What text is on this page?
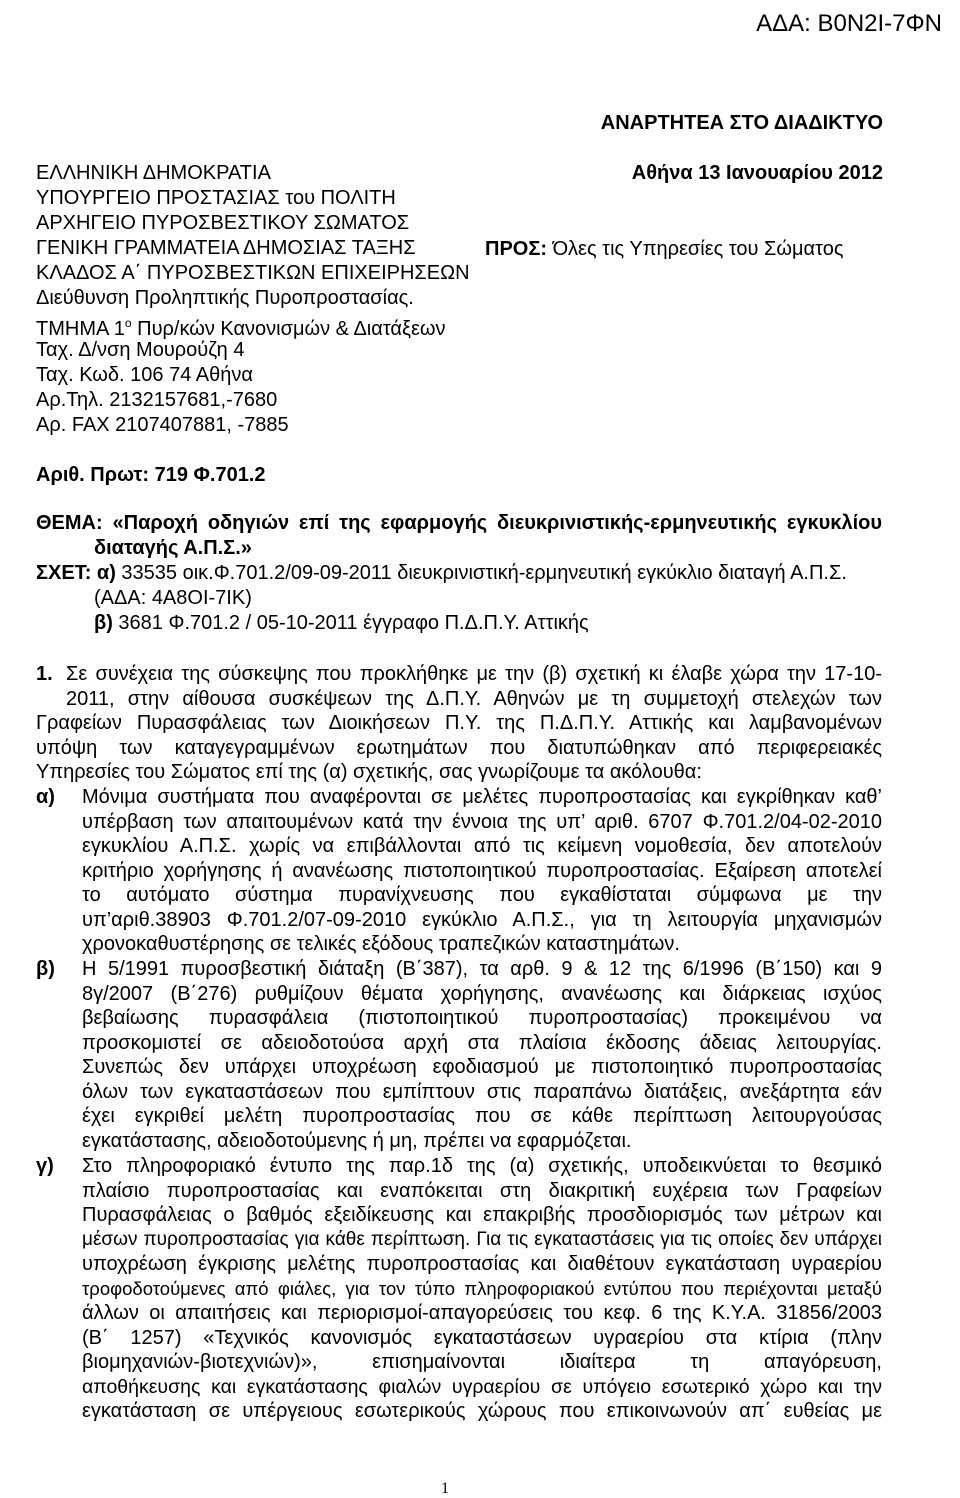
ΑΔΑ: Β0Ν2Ι-7ΦΝ
ΑΝΑΡΤΗΤΕΑ ΣΤΟ ΔΙΑΔΙΚΤΥΟ
Αθήνα 13 Ιανουαρίου 2012
ΠΡΟΣ: Όλες τις Υπηρεσίες του Σώματος
ΕΛΛΗΝΙΚΗ ΔΗΜΟΚΡΑΤΙΑ
ΥΠΟΥΡΓΕΙΟ ΠΡΟΣΤΑΣΙΑΣ του ΠΟΛΙΤΗ
ΑΡΧΗΓΕΙΟ ΠΥΡΟΣΒΕΣΤΙΚΟΥ ΣΩΜΑΤΟΣ
ΓΕΝΙΚΗ ΓΡΑΜΜΑΤΕΙΑ ΔΗΜΟΣΙΑΣ ΤΑΞΗΣ
ΚΛΑΔΟΣ Α΄ ΠΥΡΟΣΒΕΣΤΙΚΩΝ ΕΠΙΧΕΙΡΗΣΕΩΝ
Διεύθυνση Προληπτικής Πυροπροστασίας.
ΤΜΗΜΑ $1^o$ Πυρ/κών Κανονισμών & Διατάξεων
Ταχ. Δ/νση Μουρούζη 4
Ταχ. Κωδ. 106 74 Αθήνα
Αρ.Τηλ. 2132157681,-7680
Αρ. FAX 2107407881, -7885
Αριθ. Πρωτ: 719 Φ.701.2
ΘΕΜΑ: «Παροχή οδηγιών επί της εφαρμογής διευκρινιστικής-ερμηνευτικής εγκυκλίου
διαταγής Α.Π.Σ.»
ΣΧΕΤ: α) 33535 οικ.Φ.701.2/09-09-2011 διευκρινιστική-ερμηνευτική εγκύκλιο διαταγή Α.Π.Σ.
(ΑΔΑ: 4Α8ΟΙ-7ΙΚ)
β) 3681 Φ.701.2 / 05-10-2011 έγγραφο Π.Δ.Π.Υ. Αττικής
1. Σε συνέχεια της σύσκεψης που προκλήθηκε με την (β) σχετική κι έλαβε χώρα την 17-10-
2011, στην αίθουσα συσκέψεων της Δ.Π.Υ. Αθηνών με τη συμμετοχή στελεχών των
Γραφείων Πυρασφάλειας των Διοικήσεων Π.Υ. της Π.Δ.Π.Υ. Αττικής και λαμβανομένων
υπόψη των καταγεγραμμένων ερωτημάτων που διατυπώθηκαν από περιφερειακές
Υπηρεσίες του Σώματος επί της (α) σχετικής, σας γνωρίζουμε τα ακόλουθα:
α) Μόνιμα συστήματα που αναφέρονται σε μελέτες πυροπροστασίας και εγκρίθηκαν καθ’
υπέρβαση των απαιτουμένων κατά την έννοια της υπ’ αριθ. 6707 Φ.701.2/04-02-2010
εγκυκλίου Α.Π.Σ. χωρίς να επιβάλλονται από τις κείμενη νομοθεσία, δεν αποτελούν
κριτήριο χορήγησης ή ανανέωσης πιστοποιητικού πυροπροστασίας. Εξαίρεση αποτελεί
το αυτόματο σύστημα πυρανίχνευσης που εγκαθίσταται σύμφωνα με την
υπ’αριθ.38903 Φ.701.2/07-09-2010 εγκύκλιο Α.Π.Σ., για τη λειτουργία μηχανισμών
χρονοκαθυστέρησης σε τελικές εξόδους τραπεζικών καταστημάτων.
β) Η 5/1991 πυροσβεστική διάταξη (Β΄387), τα αρθ. 9 & 12 της 6/1996 (Β΄150) και 9
8γ/2007 (Β΄276) ρυθμίζουν θέματα χορήγησης, ανανέωσης και διάρκειας ισχύος
βεβαίωσης πυρασφάλεια (πιστοποιητικού πυροπροστασίας) προκειμένου να
προσκομιστεί σε αδειοδοτούσα αρχή στα πλαίσια έκδοσης άδειας λειτουργίας.
Συνεπώς δεν υπάρχει υποχρέωση εφοδιασμού με πιστοποιητικό πυροπροστασίας
όλων των εγκαταστάσεων που εμπίπτουν στις παραπάνω διατάξεις, ανεξάρτητα εάν
έχει εγκριθεί μελέτη πυροπροστασίας που σε κάθε περίπτωση λειτουργούσας
εγκατάστασης, αδειοδοτούμενης ή μη, πρέπει να εφαρμόζεται.
γ) Στο πληροφοριακό έντυπο της παρ.1δ της (α) σχετικής, υποδεικνύεται το θεσμικό
πλαίσιο πυροπροστασίας και εναπόκειται στη διακριτική ευχέρεια των Γραφείων
Πυρασφάλειας ο βαθμός εξειδίκευσης και επακριβής προσδιορισμός των μέτρων και
μέσων πυροπροστασίας για κάθε περίπτωση. Για τις εγκαταστάσεις για τις οποίες δεν υπάρχει
υποχρέωση έγκρισης μελέτης πυροπροστασίας και διαθέτουν εγκατάσταση υγραερίου
τροφοδοτούμενες από φιάλες, για τον τύπο πληροφοριακού εντύπου που περιέχονται μεταξύ
άλλων οι απαιτήσεις και περιορισμοί-απαγορεύσεις του κεφ. 6 της Κ.Υ.Α. 31856/2003
(Β΄ 1257) «Τεχνικός κανονισμός εγκαταστάσεων υγραερίου στα κτίρια (πλην
βιομηχανιών-βιοτεχνιών)», επισημαίνονται ιδιαίτερα τη απαγόρευση,
αποθήκευσης και εγκατάστασης φιαλών υγραερίου σε υπόγειο εσωτερικό χώρο και την
εγκατάσταση σε υπέργειους εσωτερικούς χώρους που επικοινωνούν απ΄ ευθείας με
1
